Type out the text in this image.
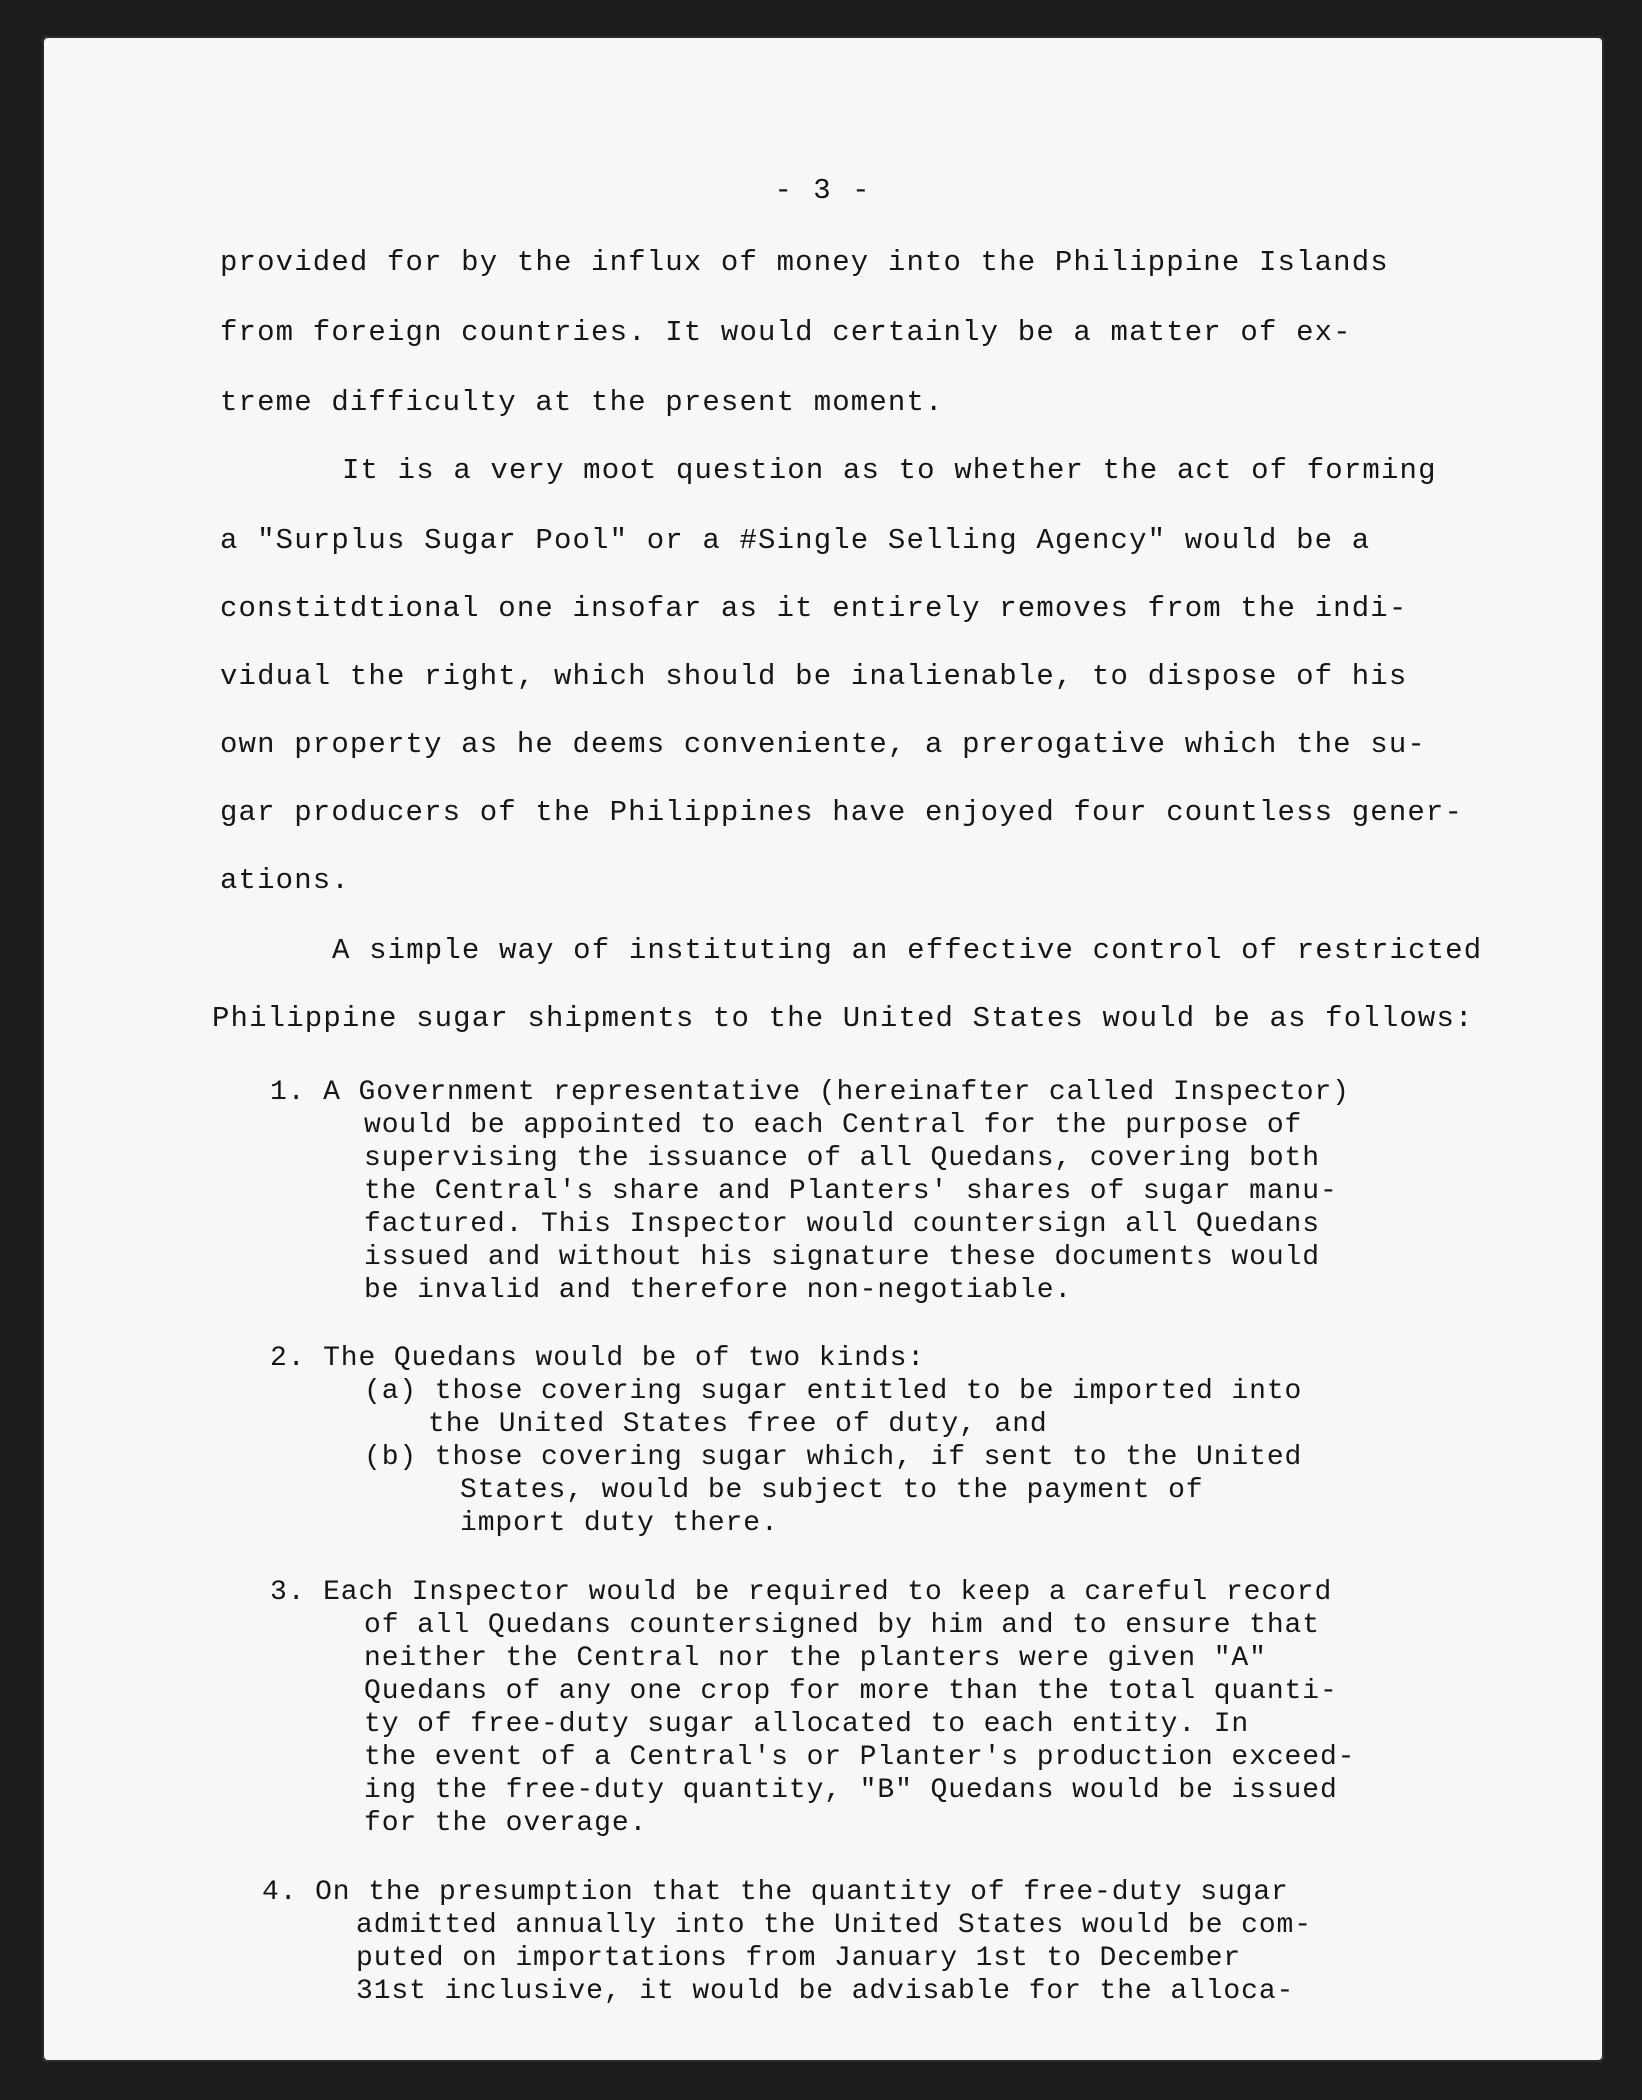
- 3 -
provided for by the influx of money into the Philippine Islands
from foreign countries. It would certainly be a matter of ex-
treme difficulty at the present moment.
It is a very moot question as to whether the act of forming
a "Surplus Sugar Pool" or a #Single Selling Agency" would be a
constitdtional one insofar as it entirely removes from the indi-
vidual the right, which should be inalienable, to dispose of his
own property as he deems conveniente, a prerogative which the su-
gar producers of the Philippines have enjoyed four countless gener-
ations.
A simple way of instituting an effective control of restricted
Philippine sugar shipments to the United States would be as follows:
1. A Government representative (hereinafter called Inspector)
would be appointed to each Central for the purpose of
supervising the issuance of all Quedans, covering both
the Central's share and Planters' shares of sugar manu-
factured. This Inspector would countersign all Quedans
issued and without his signature these documents would
be invalid and therefore non-negotiable.
2. The Quedans would be of two kinds:
(a) those covering sugar entitled to be imported into
the United States free of duty, and
(b) those covering sugar which, if sent to the United
States, would be subject to the payment of
import duty there.
3. Each Inspector would be required to keep a careful record
of all Quedans countersigned by him and to ensure that
neither the Central nor the planters were given "A"
Quedans of any one crop for more than the total quanti-
ty of free-duty sugar allocated to each entity. In
the event of a Central's or Planter's production exceed-
ing the free-duty quantity, "B" Quedans would be issued
for the overage.
4. On the presumption that the quantity of free-duty sugar
admitted annually into the United States would be com-
puted on importations from January 1st to December
31st inclusive, it would be advisable for the alloca-
